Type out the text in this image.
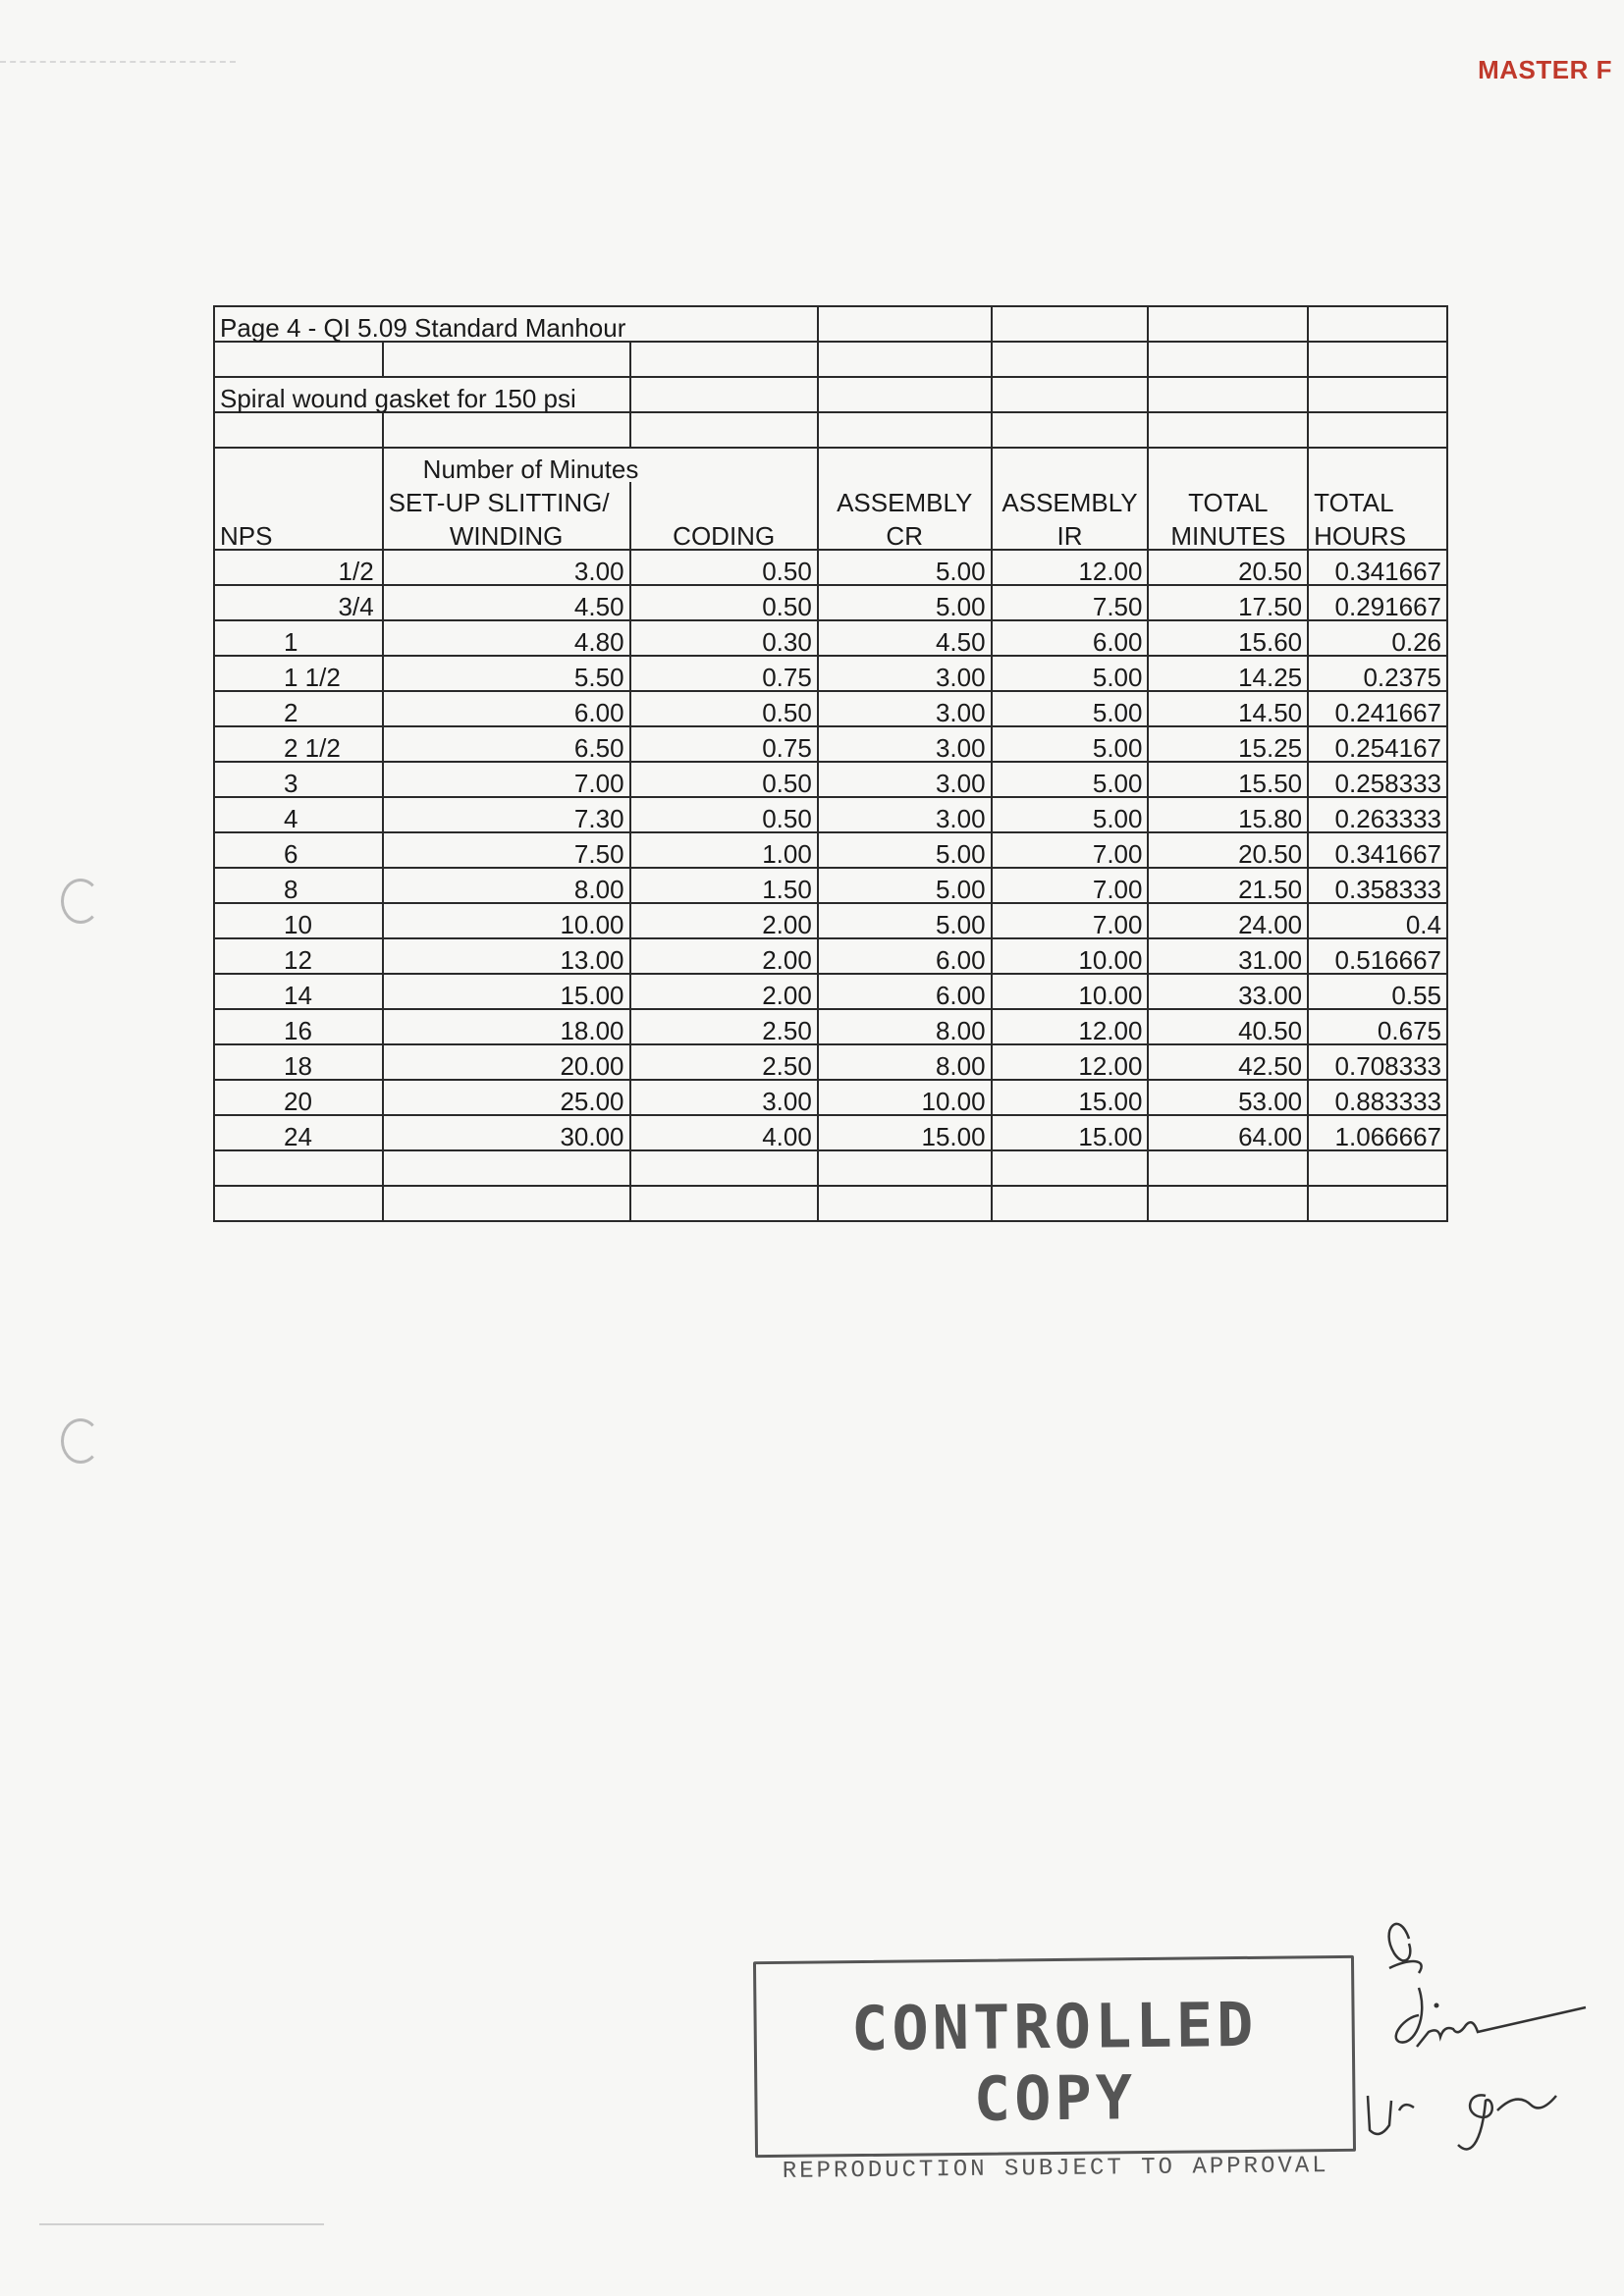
MASTER F
Page 4 - QI 5.09 Standard Manhour						

Spiral wound gasket for 150 psi						

NPS	Number of Minutes					
	SET-UP SLITTING/	CODING	ASSEMBLY	ASSEMBLY	TOTAL	TOTAL
	WINDING		CR	IR	MINUTES	HOURS
1/2	3.00	0.50	5.00	12.00	20.50	0.341667
3/4	4.50	0.50	5.00	7.50	17.50	0.291667
1	4.80	0.30	4.50	6.00	15.60	0.26
1 1/2	5.50	0.75	3.00	5.00	14.25	0.2375
2	6.00	0.50	3.00	5.00	14.50	0.241667
2 1/2	6.50	0.75	3.00	5.00	15.25	0.254167
3	7.00	0.50	3.00	5.00	15.50	0.258333
4	7.30	0.50	3.00	5.00	15.80	0.263333
6	7.50	1.00	5.00	7.00	20.50	0.341667
8	8.00	1.50	5.00	7.00	21.50	0.358333
10	10.00	2.00	5.00	7.00	24.00	0.4
12	13.00	2.00	6.00	10.00	31.00	0.516667
14	15.00	2.00	6.00	10.00	33.00	0.55
16	18.00	2.50	8.00	12.00	40.50	0.675
18	20.00	2.50	8.00	12.00	42.50	0.708333
20	25.00	3.00	10.00	15.00	53.00	0.883333
24	30.00	4.00	15.00	15.00	64.00	1.066667

CONTROLLED COPY
REPRODUCTION SUBJECT TO APPROVAL
